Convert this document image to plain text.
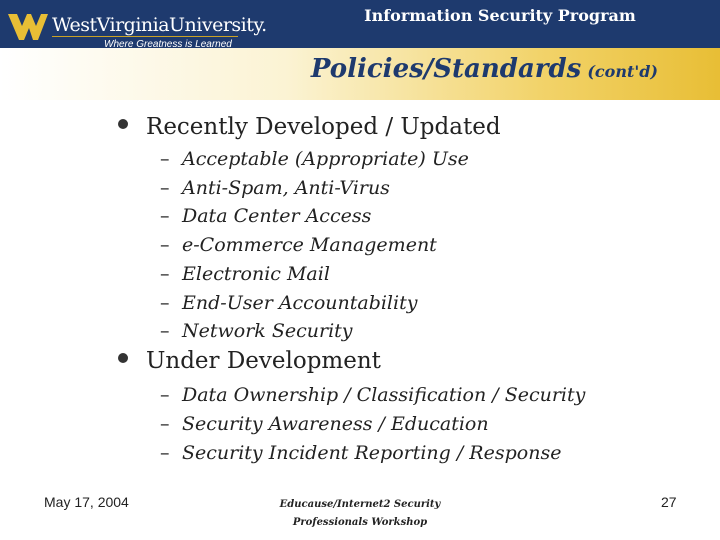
WestVirginiaUniversity.
Where Greatness is Learned
Information Security Program
Policies/Standards (cont'd)
Recently Developed / Updated
– Acceptable (Appropriate) Use
– Anti-Spam, Anti-Virus
– Data Center Access
– e-Commerce Management
– Electronic Mail
– End-User Accountability
– Network Security
Under Development
– Data Ownership / Classification / Security
– Security Awareness / Education
– Security Incident Reporting / Response
May 17, 2004	Educause/Internet2 Security
Professionals Workshop
27
